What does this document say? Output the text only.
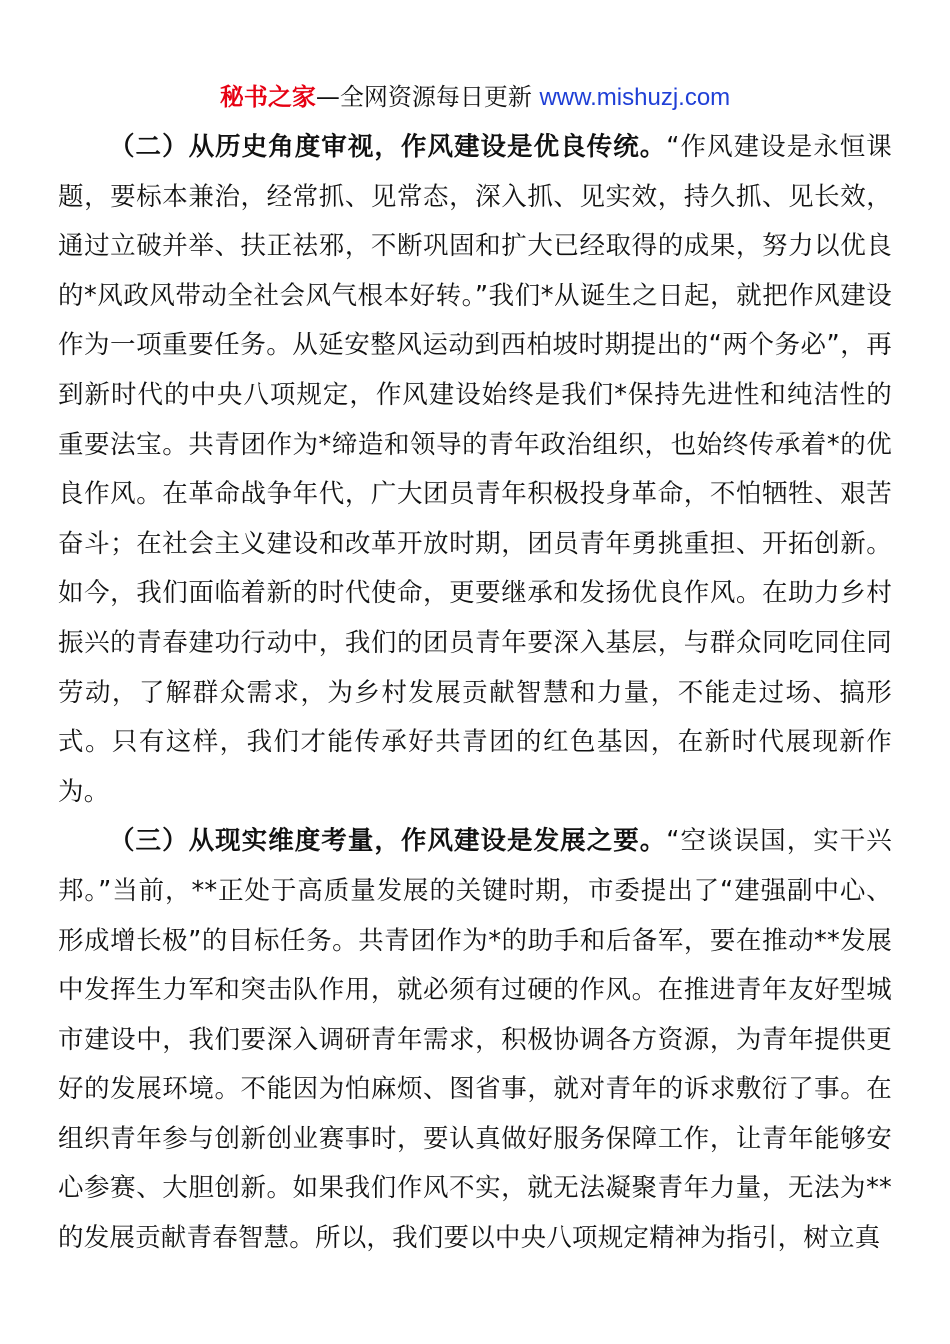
秘书之家—全网资源每日更新 www.mishuzj.com

（二）从历史角度审视，作风建设是优良传统。“作风建设是永恒课题，要标本兼治，经常抓、见常态，深入抓、见实效，持久抓、见长效，通过立破并举、扶正祛邪，不断巩固和扩大已经取得的成果，努力以优良的*风政风带动全社会风气根本好转。”我们*从诞生之日起，就把作风建设作为一项重要任务。从延安整风运动到西柏坡时期提出的“两个务必”，再到新时代的中央八项规定，作风建设始终是我们*保持先进性和纯洁性的重要法宝。共青团作为*缔造和领导的青年政治组织，也始终传承着*的优良作风。在革命战争年代，广大团员青年积极投身革命，不怕牺牲、艰苦奋斗；在社会主义建设和改革开放时期，团员青年勇挑重担、开拓创新。如今，我们面临着新的时代使命，更要继承和发扬优良作风。在助力乡村振兴的青春建功行动中，我们的团员青年要深入基层，与群众同吃同住同劳动，了解群众需求，为乡村发展贡献智慧和力量，不能走过场、搞形式。只有这样，我们才能传承好共青团的红色基因，在新时代展现新作为。

（三）从现实维度考量，作风建设是发展之要。“空谈误国，实干兴邦。”当前，**正处于高质量发展的关键时期，市委提出了“建强副中心、形成增长极”的目标任务。共青团作为*的助手和后备军，要在推动**发展中发挥生力军和突击队作用，就必须有过硬的作风。在推进青年友好型城市建设中，我们要深入调研青年需求，积极协调各方资源，为青年提供更好的发展环境。不能因为怕麻烦、图省事，就对青年的诉求敷衍了事。在组织青年参与创新创业赛事时，要认真做好服务保障工作，让青年能够安心参赛、大胆创新。如果我们作风不实，就无法凝聚青年力量，无法为**的发展贡献青春智慧。所以，我们要以中央八项规定精神为指引，树立真
